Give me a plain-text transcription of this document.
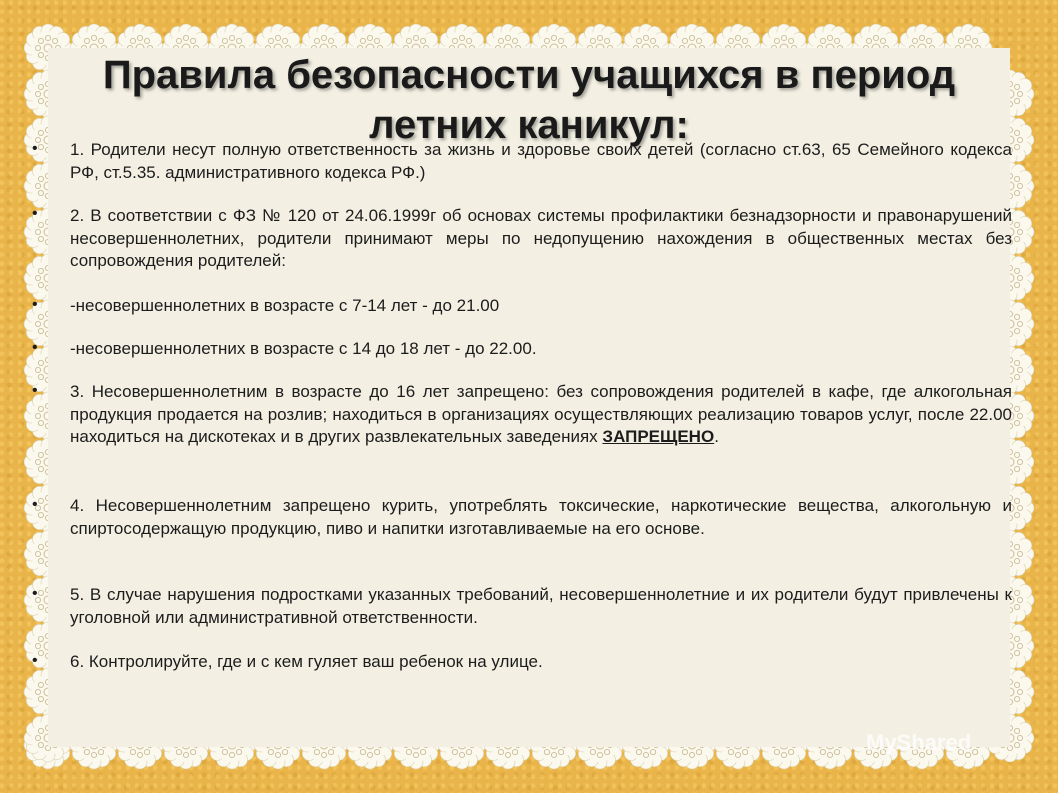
Правила безопасности учащихся в период
летних каникул:
• 1. Родители несут полную ответственность за жизнь и здоровье своих детей (согласно ст.63, 65 Семейного кодекса РФ, ст.5.35. административного кодекса РФ.)
• 2. В соответствии с ФЗ № 120 от 24.06.1999г об основах системы профилактики безнадзорности и правонарушений несовершеннолетних, родители принимают меры по недопущению нахождения в общественных местах без сопровождения родителей:
• -несовершеннолетних в возрасте с 7-14 лет - до 21.00
• -несовершеннолетних в возрасте с 14 до 18 лет - до 22.00.
• 3. Несовершеннолетним в возрасте до 16 лет запрещено: без сопровождения родителей в кафе, где алкогольная продукция продается на розлив; находиться в организациях осуществляющих реализацию товаров услуг, после 22.00 находиться на дискотеках и в других развлекательных заведениях ЗАПРЕЩЕНО.
• 4. Несовершеннолетним запрещено курить, употреблять токсические, наркотические вещества, алкогольную и спиртосодержащую продукцию, пиво и напитки изготавливаемые на его основе.
• 5. В случае нарушения подростками указанных требований, несовершеннолетние и их родители будут привлечены к уголовной или административной ответственности.
• 6. Контролируйте, где и с кем гуляет ваш ребенок на улице.
MyShared
